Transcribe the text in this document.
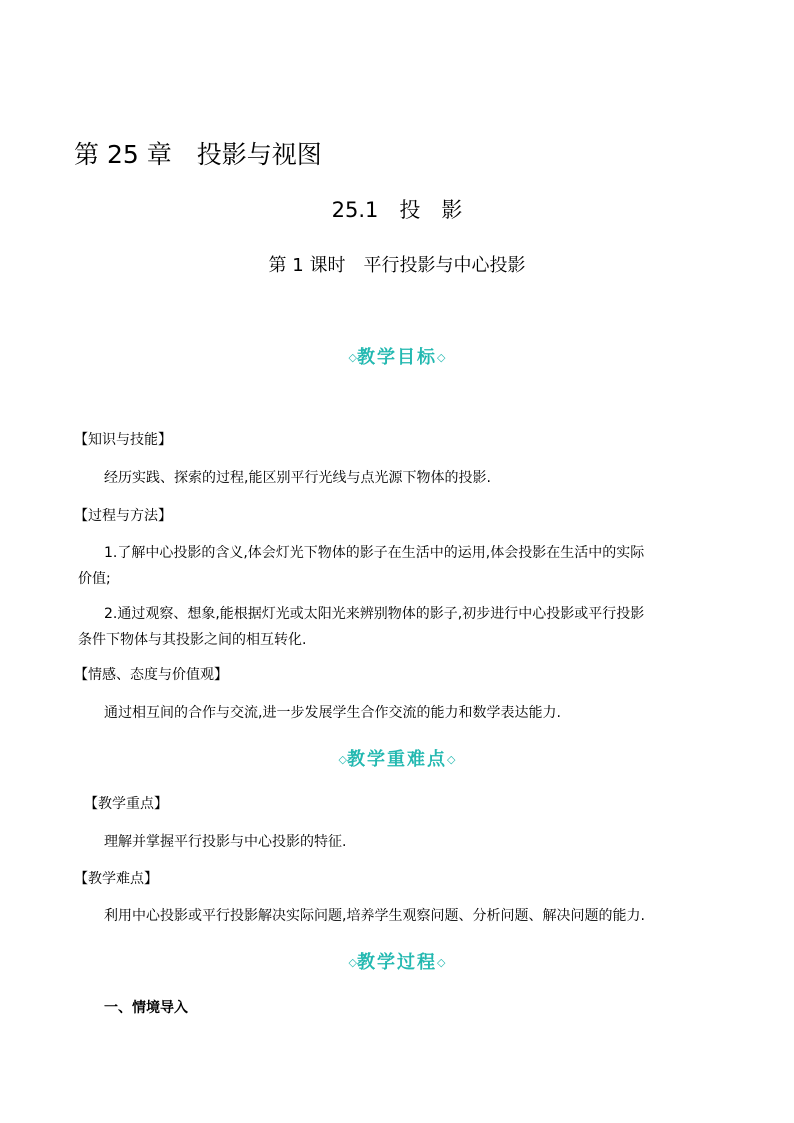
第 25 章　投影与视图
25.1　投　影
第 1 课时　平行投影与中心投影
◇教学目标◇
【知识与技能】
经历实践、探索的过程,能区别平行光线与点光源下物体的投影.
【过程与方法】
1.了解中心投影的含义,体会灯光下物体的影子在生活中的运用,体会投影在生活中的实际
价值;
2.通过观察、想象,能根据灯光或太阳光来辨别物体的影子,初步进行中心投影或平行投影
条件下物体与其投影之间的相互转化.
【情感、态度与价值观】
通过相互间的合作与交流,进一步发展学生合作交流的能力和数学表达能力.
◇教学重难点◇
【教学重点】
理解并掌握平行投影与中心投影的特征.
【教学难点】
利用中心投影或平行投影解决实际问题,培养学生观察问题、分析问题、解决问题的能力.
◇教学过程◇
一、情境导入
